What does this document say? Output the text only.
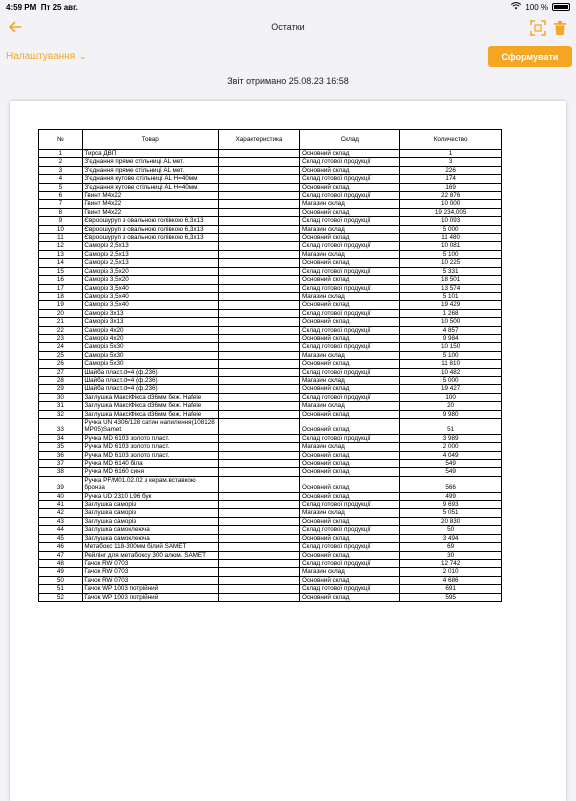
4:59 PM Пт 25 авг.	100 %
Остатки
Налаштування ⌄	Сформувати
Звіт отримано 25.08.23 16:58
№	Товар	Характеристика	Склад	Количество
1	Тирса ДВП		Основний склад	1
2	З'єднання пряме стільниці AL мет.		Склад готової продукції	3
3	З'єднання пряме стільниці AL мет.		Основний склад	226
4	З'єднання кутове стільниці AL Н=40мм		Склад готової продукції	174
5	З'єднання кутове стільниці AL Н=40мм		Основний склад	169
6	Гвинт М4х22		Склад готової продукції	22 876
7	Гвинт М4х22		Магазин склад	10 000
8	Гвинт М4х22		Основний склад	19 234,005
9	Євроошуруп з овальною голівкою 6,3х13		Склад готової продукції	10 093
10	Євроошуруп з овальною голівкою 6,3х13		Магазин склад	5 000
11	Євроошуруп з овальною голівкою 6,3х13		Основний склад	11 480
12	Саморіз 2,5х13		Склад готової продукції	10 081
13	Саморіз 2,5х13		Магазин склад	5 100
14	Саморіз 2,5х13		Основний склад	10 225
15	Саморіз 3,5х20		Склад готової продукції	5 331
16	Саморіз 3,5х20		Основний склад	18 501
17	Саморіз 3,5х40		Склад готової продукції	13 574
18	Саморіз 3,5х40		Магазин склад	5 101
19	Саморіз 3,5х40		Основний склад	19 429
20	Саморіз 3х13		Склад готової продукції	1 268
21	Саморіз 3х13		Основний склад	10 500
22	Саморіз 4х20		Склад готової продукції	4 857
23	Саморіз 4х20		Основний склад	9 984
24	Саморіз 5х30		Склад готової продукції	10 150
25	Саморіз 5х30		Магазин склад	5 100
26	Саморіз 5х30		Основний склад	11 810
27	Шайба пласт.d=4 (ф.236)		Склад готової продукції	10 482
28	Шайба пласт.d=4 (ф.236)		Магазин склад	5 000
29	Шайба пласт.d=4 (ф.236)		Основний склад	19 427
30	Заглушка МаксіФікса d36мм беж. Hafele		Склад готової продукції	100
31	Заглушка МаксіФікса d36мм беж. Hafele		Магазин склад	20
32	Заглушка МаксіФікса d36мм беж. Hafele		Основний склад	9 980
33	Ручка UN 4306/128 сатин напилення(108128 MP05)Samet		Основний склад	51
34	Ручка MD 6103 золото пласт.		Склад готової продукції	3 989
35	Ручка MD 6103 золото пласт.		Магазин склад	2 000
36	Ручка MD 6103 золото пласт.		Основний склад	4 049
37	Ручка MD 6140 біла		Основний склад	549
38	Ручка MD 6160 синя		Основний склад	549
39	Ручка PF/M01.02.02 з керам.вставкою бронза		Основний склад	566
40	Ручка UD 2310 L96 бук		Основний склад	499
41	Заглушка саморіз		Склад готової продукції	9 693
42	Заглушка саморіз		Магазин склад	5 051
43	Заглушка саморіз		Основний склад	20 830
44	Заглушка самоклеюча		Склад готової продукції	50
45	Заглушка самоклеюча		Основний склад	3 494
46	Метабокс 118-300мм білий SAMET		Склад готової продукції	69
47	Рейлінг для метабоксу 300 алюм. SAMET		Основний склад	30
48	Гачок RW 0703		Склад готової продукції	12 742
49	Гачок RW 0703		Магазин склад	2 010
50	Гачок RW 0703		Основний склад	4 686
51	Гачок WP 1003 потрійний		Склад готової продукції	691
52	Гачок WP 1003 потрійний		Основний склад	595
